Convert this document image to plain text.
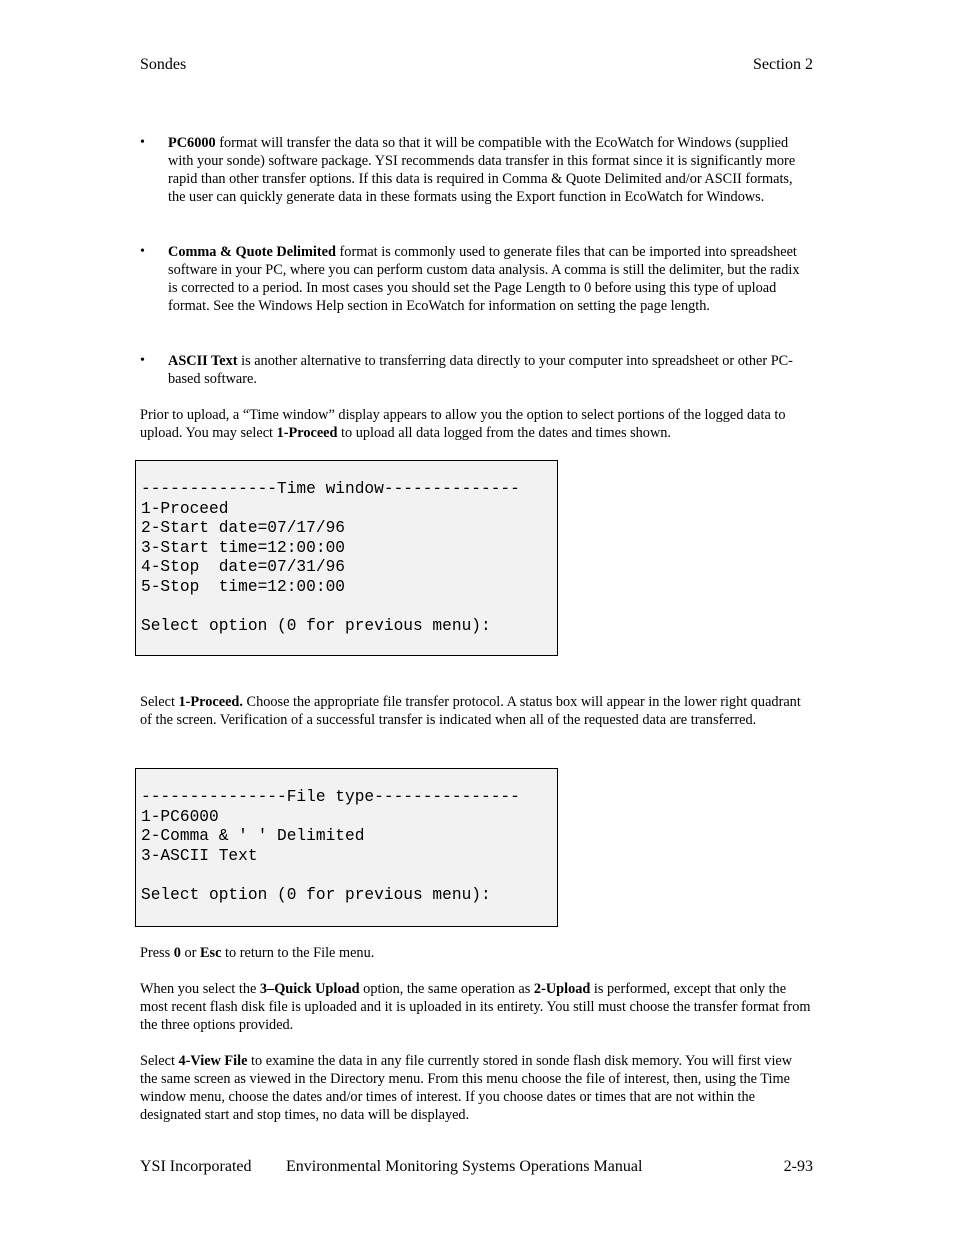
Sondes	Section 2
• PC6000 format will transfer the data so that it will be compatible with the EcoWatch for Windows (supplied with your sonde) software package. YSI recommends data transfer in this format since it is significantly more rapid than other transfer options. If this data is required in Comma & Quote Delimited and/or ASCII formats, the user can quickly generate data in these formats using the Export function in EcoWatch for Windows.
• Comma & Quote Delimited format is commonly used to generate files that can be imported into spreadsheet software in your PC, where you can perform custom data analysis. A comma is still the delimiter, but the radix is corrected to a period. In most cases you should set the Page Length to 0 before using this type of upload format. See the Windows Help section in EcoWatch for information on setting the page length.
• ASCII Text is another alternative to transferring data directly to your computer into spreadsheet or other PC-based software.
Prior to upload, a “Time window” display appears to allow you the option to select portions of the logged data to upload. You may select 1-Proceed to upload all data logged from the dates and times shown.
--------------Time window--------------
1-Proceed
2-Start date=07/17/96
3-Start time=12:00:00
4-Stop  date=07/31/96
5-Stop  time=12:00:00

Select option (0 for previous menu):
Select 1-Proceed. Choose the appropriate file transfer protocol. A status box will appear in the lower right quadrant of the screen. Verification of a successful transfer is indicated when all of the requested data are transferred.
---------------File type---------------
1-PC6000
2-Comma & ' ' Delimited
3-ASCII Text

Select option (0 for previous menu):
Press 0 or Esc to return to the File menu.
When you select the 3–Quick Upload option, the same operation as 2-Upload is performed, except that only the most recent flash disk file is uploaded and it is uploaded in its entirety. You still must choose the transfer format from the three options provided.
Select 4-View File to examine the data in any file currently stored in sonde flash disk memory. You will first view the same screen as viewed in the Directory menu. From this menu choose the file of interest, then, using the Time window menu, choose the dates and/or times of interest. If you choose dates or times that are not within the designated start and stop times, no data will be displayed.
YSI Incorporated Environmental Monitoring Systems Operations Manual	2-93
